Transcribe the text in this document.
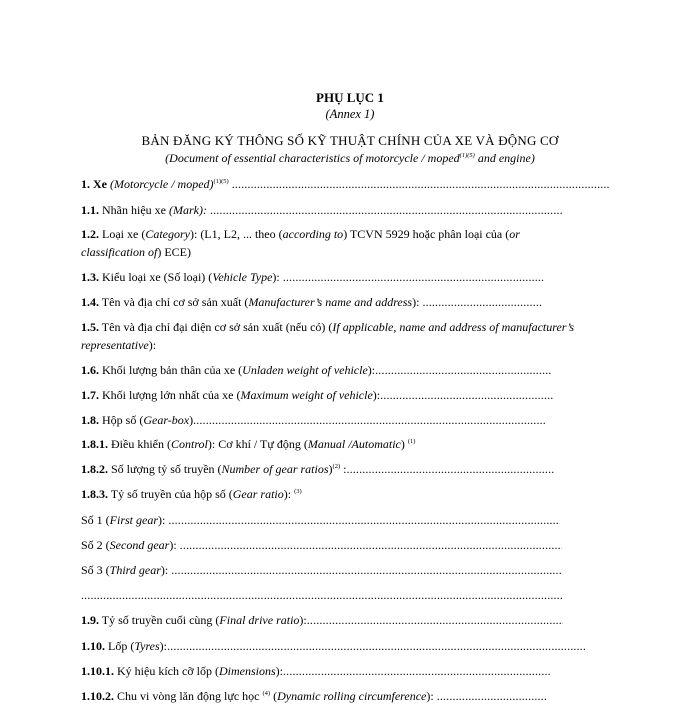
PHỤ LỤC 1
(Annex 1)
BẢN ĐĂNG KÝ THÔNG SỐ KỸ THUẬT CHÍNH CỦA XE VÀ ĐỘNG CƠ
(Document of essential characteristics of motorcycle / moped$^{(1)(5)}$ and engine)
1. Xe (Motorcycle / moped)$^{(1)(5)}$ .....
1.1. Nhãn hiệu xe (Mark): .....
1.2. Loại xe (Category): (L1, L2, ... theo (according to) TCVN 5929 hoặc phân loại của (or classification of) ECE)
1.3. Kiểu loại xe (Số loại) (Vehicle Type): .....
1.4. Tên và địa chỉ cơ sở sản xuất (Manufacturer’s name and address): .....
1.5. Tên và địa chỉ đại diện cơ sở sản xuất (nếu có) (If applicable, name and address of manufacturer’s representative):
1.6. Khối lượng bản thân của xe (Unladen weight of vehicle):.....
1.7. Khối lượng lớn nhất của xe (Maximum weight of vehicle):.....
1.8. Hộp số (Gear-box).....
1.8.1. Điều khiển (Control): Cơ khí / Tự động (Manual /Automatic) $^{(1)}$
1.8.2. Số lượng tỷ số truyền (Number of gear ratios)$^{(2)}$ :.....
1.8.3. Tỷ số truyền của hộp số (Gear ratio): $^{(3)}$
Số 1 (First gear): .....
Số 2 (Second gear): .....
Số 3 (Third gear): .....
.....
1.9. Tỷ số truyền cuối cùng (Final drive ratio):.....
1.10. Lốp (Tyres):.....
1.10.1. Ký hiệu kích cỡ lốp (Dimensions):.....
1.10.2. Chu vi vòng lăn động lực học $^{(4)}$ (Dynamic rolling circumference): .....
